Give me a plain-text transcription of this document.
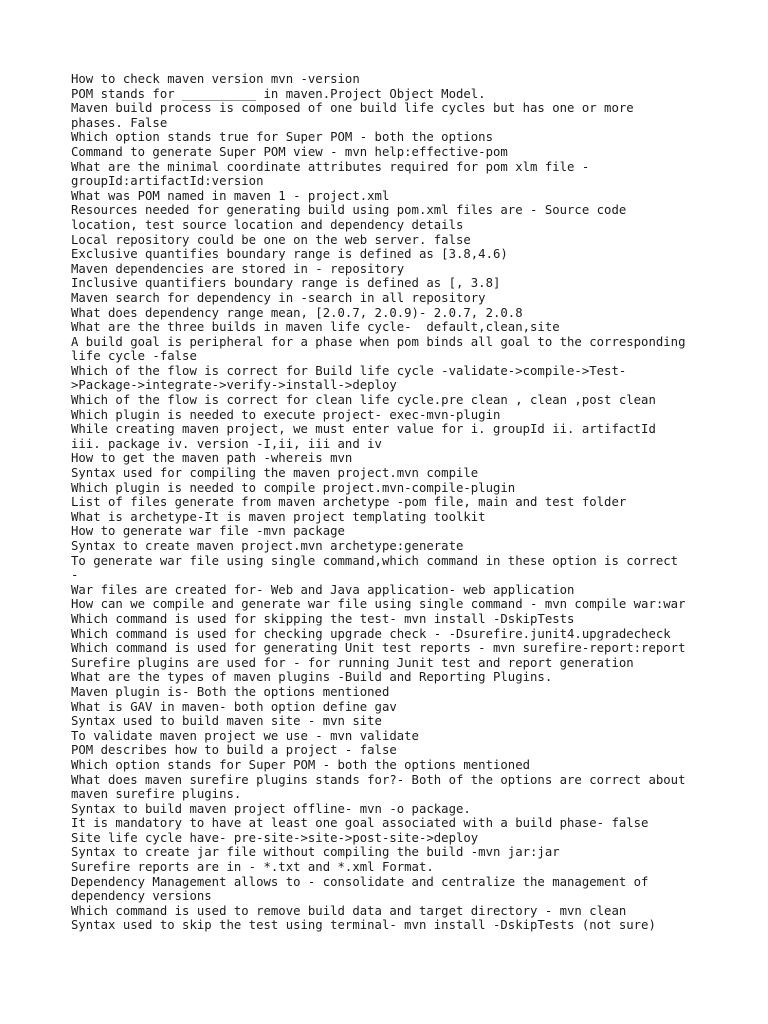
How to check maven version mvn -version
POM stands for __________ in maven.Project Object Model.
Maven build process is composed of one build life cycles but has one or more
phases. False
Which option stands true for Super POM - both the options
Command to generate Super POM view - mvn help:effective-pom
What are the minimal coordinate attributes required for pom xlm file -
groupId:artifactId:version
What was POM named in maven 1 - project.xml
Resources needed for generating build using pom.xml files are - Source code
location, test source location and dependency details
Local repository could be one on the web server. false
Exclusive quantifies boundary range is defined as [3.8,4.6)
Maven dependencies are stored in - repository
Inclusive quantifiers boundary range is defined as [, 3.8]
Maven search for dependency in -search in all repository
What does dependency range mean, [2.0.7, 2.0.9)- 2.0.7, 2.0.8
What are the three builds in maven life cycle-  default,clean,site
A build goal is peripheral for a phase when pom binds all goal to the corresponding
life cycle -false
Which of the flow is correct for Build life cycle -validate->compile->Test-
>Package->integrate->verify->install->deploy
Which of the flow is correct for clean life cycle.pre clean , clean ,post clean
Which plugin is needed to execute project- exec-mvn-plugin
While creating maven project, we must enter value for i. groupId ii. artifactId
iii. package iv. version -I,ii, iii and iv
How to get the maven path -whereis mvn
Syntax used for compiling the maven project.mvn compile
Which plugin is needed to compile project.mvn-compile-plugin
List of files generate from maven archetype -pom file, main and test folder
What is archetype-It is maven project templating toolkit
How to generate war file -mvn package
Syntax to create maven project.mvn archetype:generate
To generate war file using single command,which command in these option is correct
-
War files are created for- Web and Java application- web application
How can we compile and generate war file using single command - mvn compile war:war
Which command is used for skipping the test- mvn install -DskipTests
Which command is used for checking upgrade check - -Dsurefire.junit4.upgradecheck
Which command is used for generating Unit test reports - mvn surefire-report:report
Surefire plugins are used for - for running Junit test and report generation
What are the types of maven plugins -Build and Reporting Plugins.
Maven plugin is- Both the options mentioned
What is GAV in maven- both option define gav
Syntax used to build maven site - mvn site
To validate maven project we use - mvn validate
POM describes how to build a project - false
Which option stands for Super POM - both the options mentioned
What does maven surefire plugins stands for?- Both of the options are correct about
maven surefire plugins.
Syntax to build maven project offline- mvn -o package.
It is mandatory to have at least one goal associated with a build phase- false
Site life cycle have- pre-site->site->post-site->deploy
Syntax to create jar file without compiling the build -mvn jar:jar
Surefire reports are in - *.txt and *.xml Format.
Dependency Management allows to - consolidate and centralize the management of
dependency versions
Which command is used to remove build data and target directory - mvn clean
Syntax used to skip the test using terminal- mvn install -DskipTests (not sure)
